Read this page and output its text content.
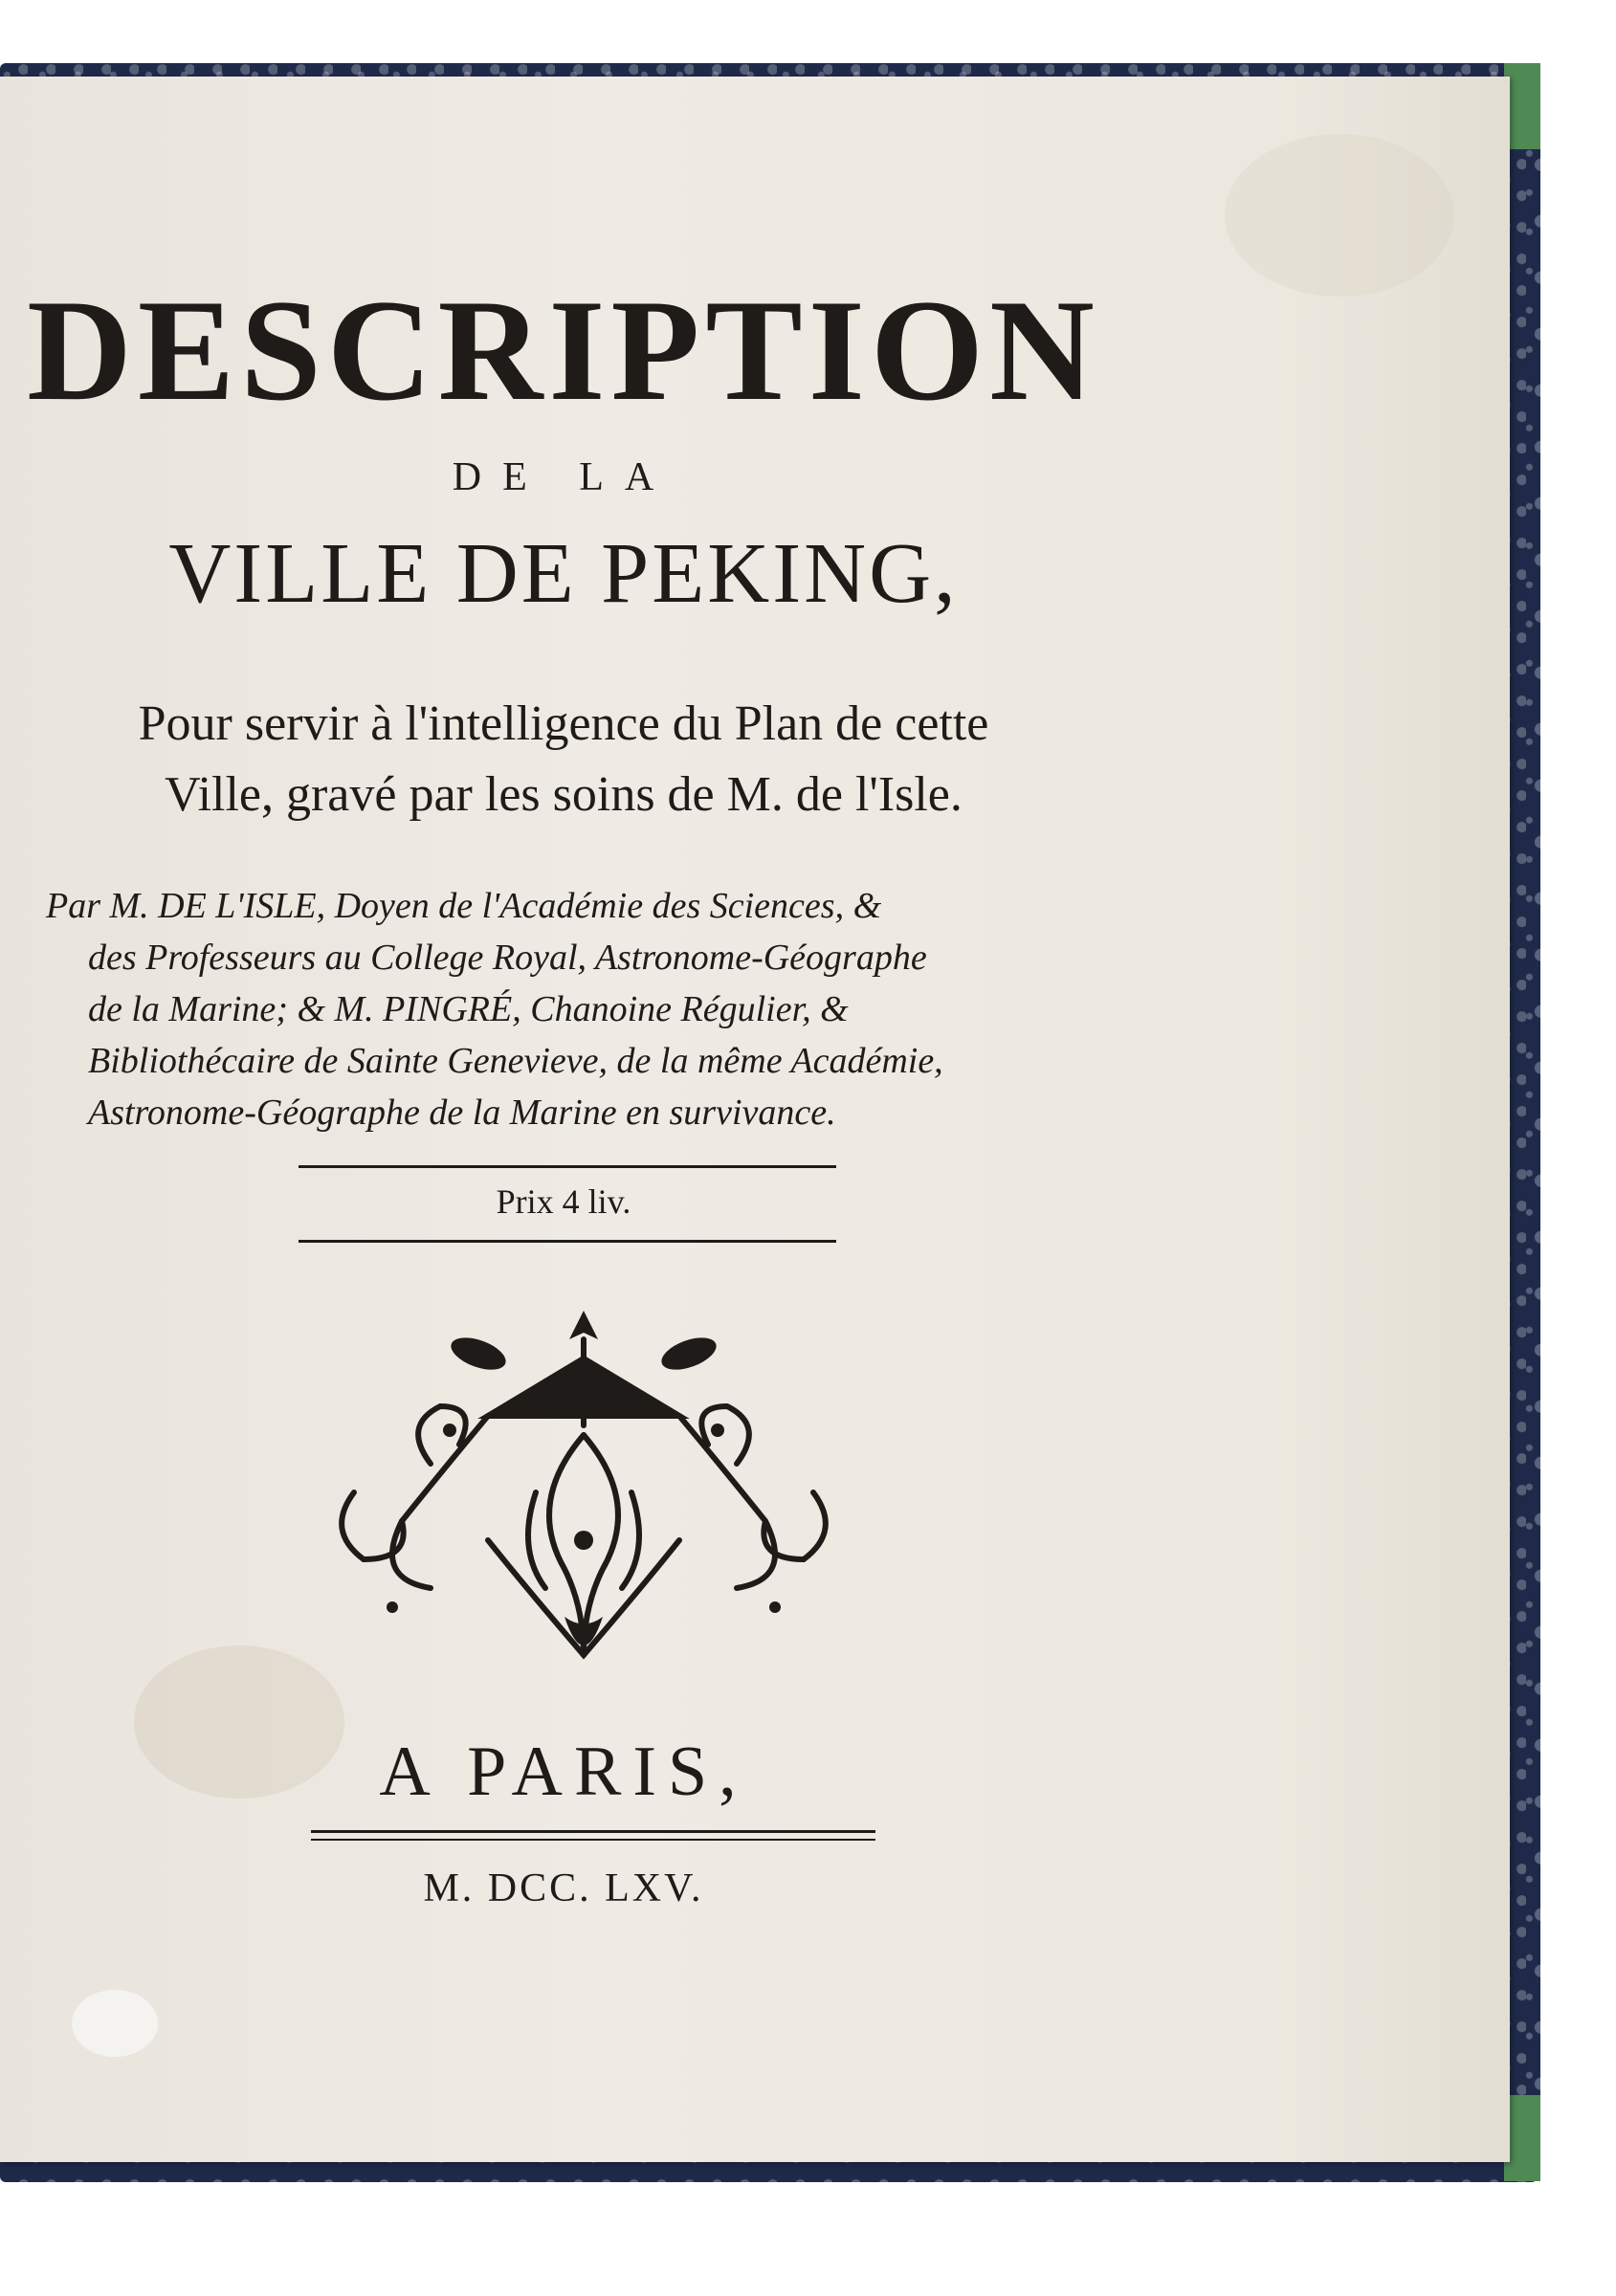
DESCRIPTION
DE LA
VILLE DE PEKING,
Pour servir à l'intelligence du Plan de cette
Ville, gravé par les soins de M. de l'Isle.

Par M. DE L'ISLE, Doyen de l'Académie des Sciences, &

des Professeurs au College Royal, Astronome-Géographe

de la Marine; & M. PINGRÉ, Chanoine Régulier, &

Bibliothécaire de Sainte Genevieve, de la même Académie,

Astronome-Géographe de la Marine en survivance.

Prix 4 liv.
A PARIS,
M. DCC. LXV.
